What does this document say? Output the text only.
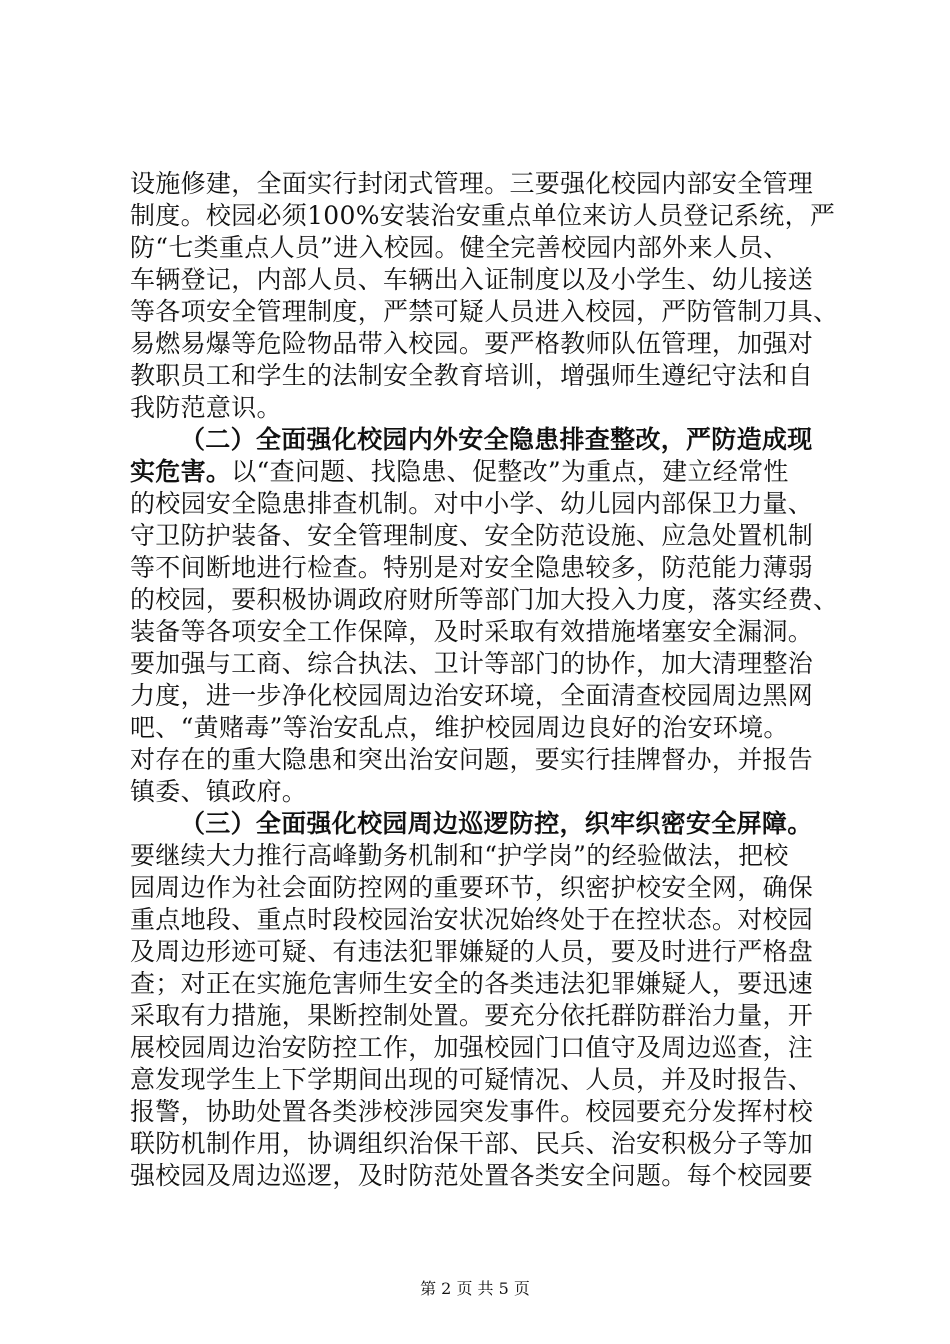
设施修建，全面实行封闭式管理。三要强化校园内部安全管理
制度。校园必须100%安装治安重点单位来访人员登记系统，严
防“七类重点人员”进入校园。健全完善校园内部外来人员、
车辆登记，内部人员、车辆出入证制度以及小学生、幼儿接送
等各项安全管理制度，严禁可疑人员进入校园，严防管制刀具、
易燃易爆等危险物品带入校园。要严格教师队伍管理，加强对
教职员工和学生的法制安全教育培训，增强师生遵纪守法和自
我防范意识。
（二）全面强化校园内外安全隐患排查整改，严防造成现
实危害。以“查问题、找隐患、促整改”为重点，建立经常性
的校园安全隐患排查机制。对中小学、幼儿园内部保卫力量、
守卫防护装备、安全管理制度、安全防范设施、应急处置机制
等不间断地进行检查。特别是对安全隐患较多，防范能力薄弱
的校园，要积极协调政府财所等部门加大投入力度，落实经费、
装备等各项安全工作保障，及时采取有效措施堵塞安全漏洞。
要加强与工商、综合执法、卫计等部门的协作，加大清理整治
力度，进一步净化校园周边治安环境，全面清查校园周边黑网
吧、“黄赌毒”等治安乱点，维护校园周边良好的治安环境。
对存在的重大隐患和突出治安问题，要实行挂牌督办，并报告
镇委、镇政府。
（三）全面强化校园周边巡逻防控，织牢织密安全屏障。
要继续大力推行高峰勤务机制和“护学岗”的经验做法，把校
园周边作为社会面防控网的重要环节，织密护校安全网，确保
重点地段、重点时段校园治安状况始终处于在控状态。对校园
及周边形迹可疑、有违法犯罪嫌疑的人员，要及时进行严格盘
查；对正在实施危害师生安全的各类违法犯罪嫌疑人，要迅速
采取有力措施，果断控制处置。要充分依托群防群治力量，开
展校园周边治安防控工作，加强校园门口值守及周边巡查，注
意发现学生上下学期间出现的可疑情况、人员，并及时报告、
报警，协助处置各类涉校涉园突发事件。校园要充分发挥村校
联防机制作用，协调组织治保干部、民兵、治安积极分子等加
强校园及周边巡逻，及时防范处置各类安全问题。每个校园要
第 2 页 共 5 页
